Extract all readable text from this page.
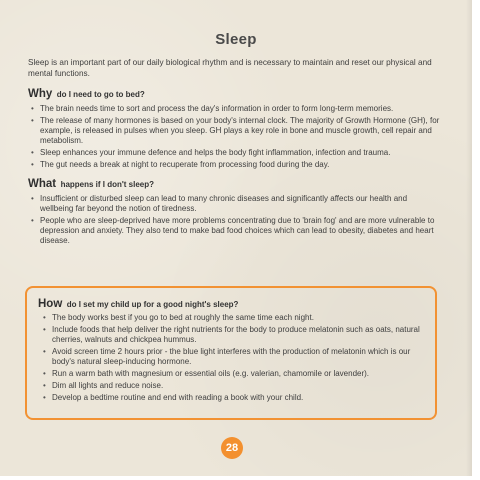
Sleep

Sleep is an important part of our daily biological rhythm and is necessary to maintain and reset our physical and mental functions.

Why do I need to go to bed?
• The brain needs time to sort and process the day's information in order to form long-term memories.
• The release of many hormones is based on your body's internal clock. The majority of Growth Hormone (GH), for example, is released in pulses when you sleep. GH plays a key role in bone and muscle growth, cell repair and metabolism.
• Sleep enhances your immune defence and helps the body fight inflammation, infection and trauma.
• The gut needs a break at night to recuperate from processing food during the day.
What happens if I don't sleep?
• Insufficient or disturbed sleep can lead to many chronic diseases and significantly affects our health and wellbeing far beyond the notion of tiredness.
• People who are sleep-deprived have more problems concentrating due to 'brain fog' and are more vulnerable to depression and anxiety. They also tend to make bad food choices which can lead to obesity, diabetes and heart disease.
How do I set my child up for a good night's sleep?
• The body works best if you go to bed at roughly the same time each night.
• Include foods that help deliver the right nutrients for the body to produce melatonin such as oats, natural cherries, walnuts and chickpea hummus.
• Avoid screen time 2 hours prior - the blue light interferes with the production of melatonin which is our body's natural sleep-inducing hormone.
• Run a warm bath with magnesium or essential oils (e.g. valerian, chamomile or lavender).
• Dim all lights and reduce noise.
• Develop a bedtime routine and end with reading a book with your child.
28
